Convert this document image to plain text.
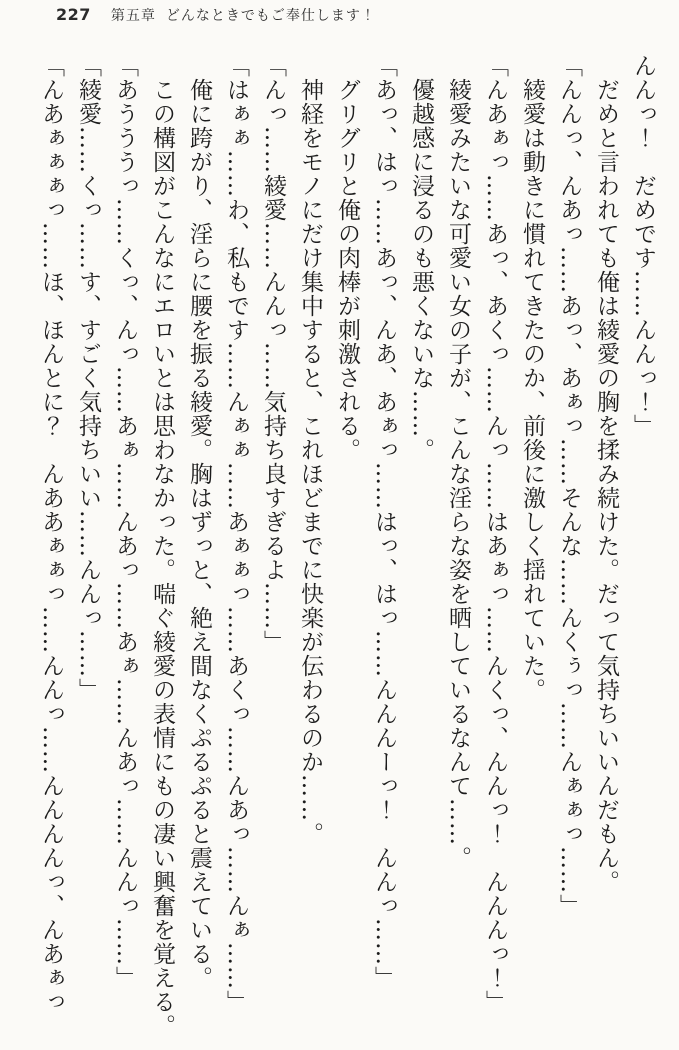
227 第五章 どんなときでもご奉仕します！

んんっ！　だめです……んんっ！」

　だめと言われても俺は綾愛の胸を揉み続けた。だって気持ちいいんだもん。

「んんっ、んあっ……あっ、あぁっ……そんな……んくぅっ……んぁぁっ……」

　綾愛は動きに慣れてきたのか、前後に激しく揺れていた。

「んあぁっ……あっ、あくっ……んっ……はあぁっ……んくっ、んんっ！　んんんっ！」

　綾愛みたいな可愛い女の子が、こんな淫らな姿を晒しているなんて……。

　優越感に浸るのも悪くないな……。

「あっ、はっ……あっ、んあ、あぁっ……はっ、はっ……んんんーっ！　んんっ……」

　グリグリと俺の肉棒が刺激される。

　神経をモノにだけ集中すると、これほどまでに快楽が伝わるのか……。

「んっ……綾愛……んんっ……気持ち良すぎるよ……」

「はぁぁ……わ、私もです……んぁぁ……あぁぁっ……あくっ……んあっ……んぁ……」

　俺に跨がり、淫らに腰を振る綾愛。胸はずっと、絶え間なくぷるぷると震えている。

　この構図がこんなにエロいとは思わなかった。喘ぐ綾愛の表情にもの凄い興奮を覚える。

「あうううっ……くっ、んっ……あぁ……んあっ……あぁ……んあっ……んんっ……」

「綾愛……くっ……す、すごく気持ちいい……んんっ……」

「んあぁぁぁっ……ほ、ほんとに？　んああぁぁっ……んんっ……んんんんっ、んあぁっ
